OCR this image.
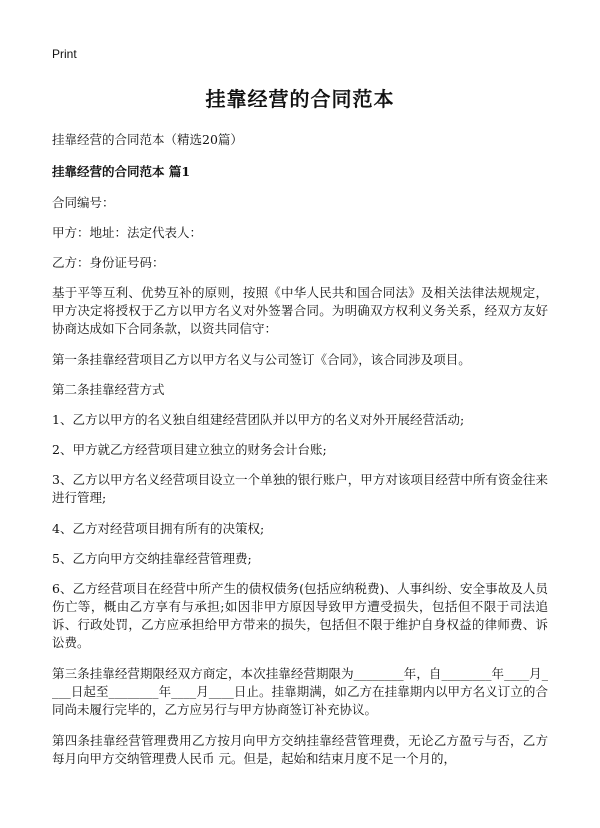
Print
挂靠经营的合同范本
挂靠经营的合同范本（精选20篇）
挂靠经营的合同范本 篇1
合同编号：
甲方：地址：法定代表人：
乙方：身份证号码：
基于平等互利、优势互补的原则，按照《中华人民共和国合同法》及相关法律法规规定，甲方决定将授权于乙方以甲方名义对外签署合同。为明确双方权利义务关系，经双方友好协商达成如下合同条款，以资共同信守：
第一条挂靠经营项目乙方以甲方名义与公司签订《合同》，该合同涉及项目。
第二条挂靠经营方式
1、乙方以甲方的名义独自组建经营团队并以甲方的名义对外开展经营活动;
2、甲方就乙方经营项目建立独立的财务会计台账;
3、乙方以甲方名义经营项目设立一个单独的银行账户，甲方对该项目经营中所有资金往来进行管理;
4、乙方对经营项目拥有所有的决策权;
5、乙方向甲方交纳挂靠经营管理费;
6、乙方经营项目在经营中所产生的债权债务(包括应纳税费)、人事纠纷、安全事故及人员伤亡等，概由乙方享有与承担;如因非甲方原因导致甲方遭受损失，包括但不限于司法追诉、行政处罚，乙方应承担给甲方带来的损失，包括但不限于维护自身权益的律师费、诉讼费。
第三条挂靠经营期限经双方商定，本次挂靠经营期限为________年，自________年____月____日起至________年____月____日止。挂靠期满，如乙方在挂靠期内以甲方名义订立的合同尚未履行完毕的，乙方应另行与甲方协商签订补充协议。
第四条挂靠经营管理费用乙方按月向甲方交纳挂靠经营管理费，无论乙方盈亏与否，乙方每月向甲方交纳管理费人民币 元。但是，起始和结束月度不足一个月的，
